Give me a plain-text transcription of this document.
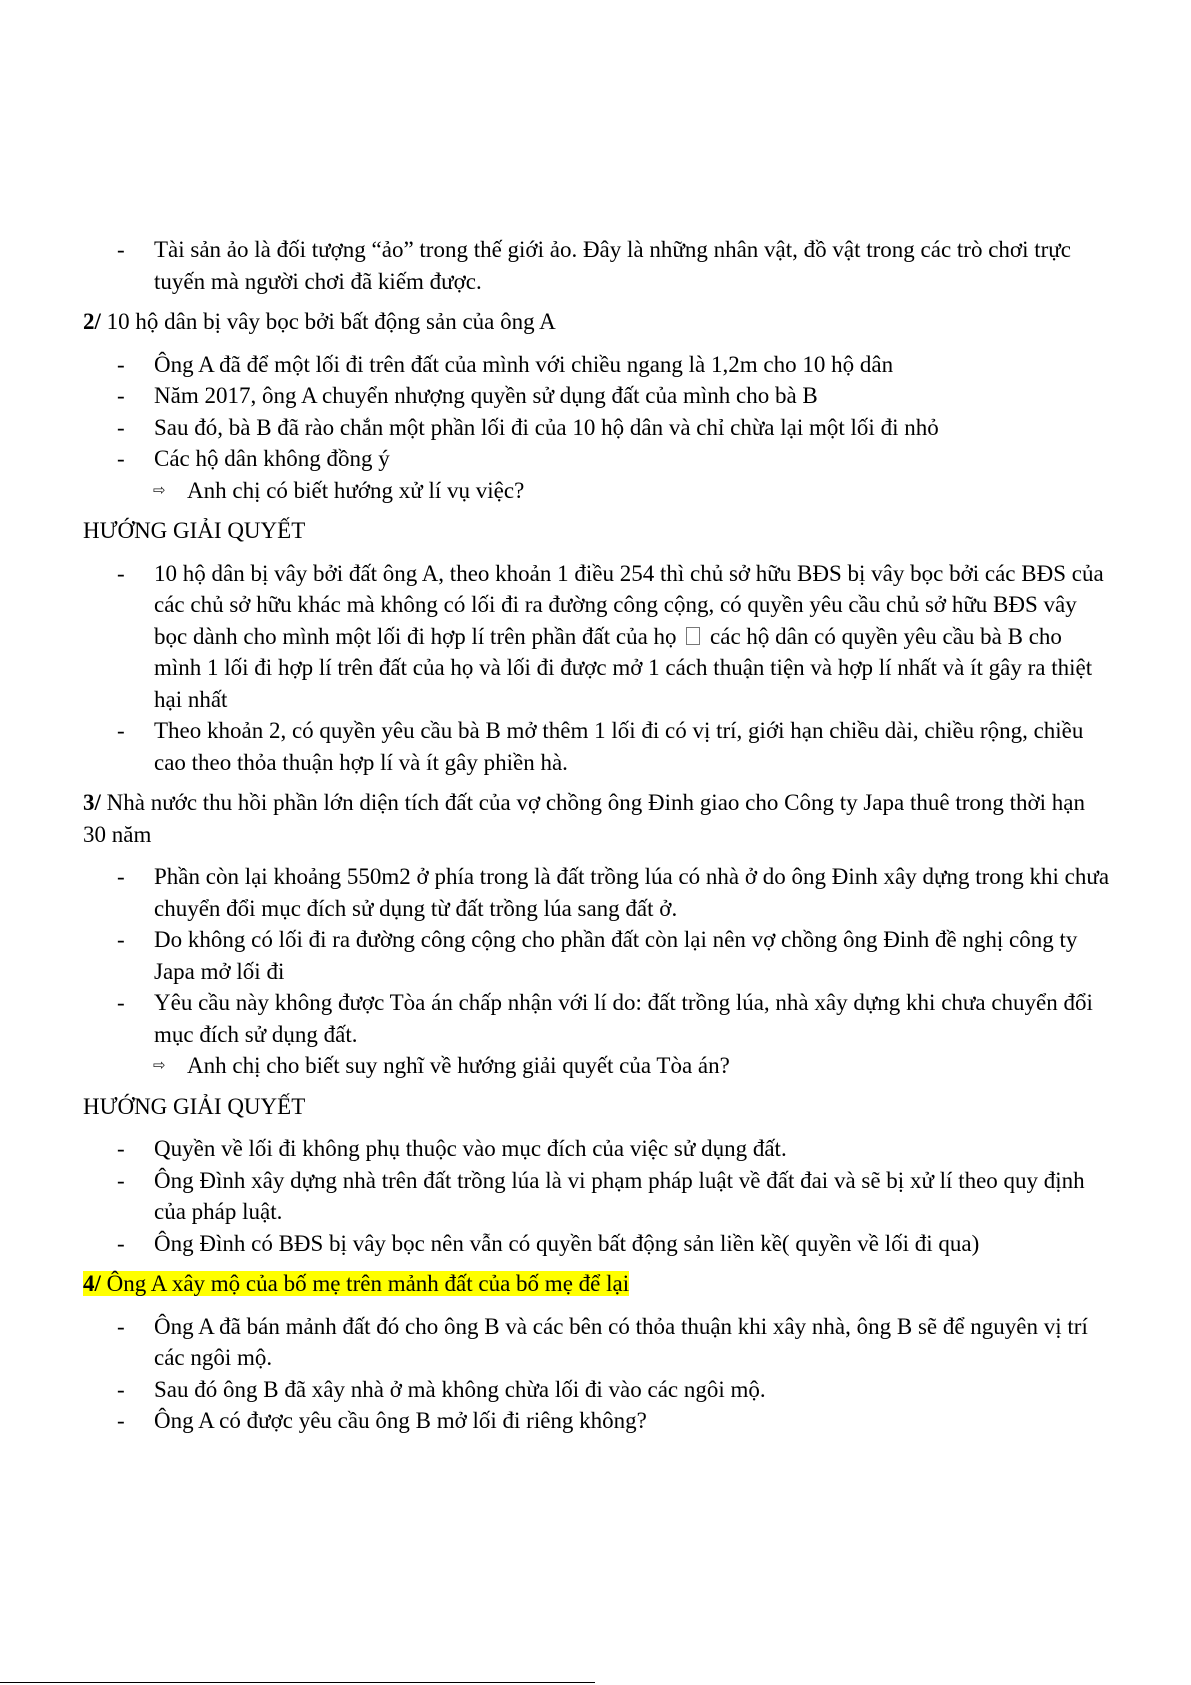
- Tài sản ảo là đối tượng “ảo” trong thế giới ảo. Đây là những nhân vật, đồ vật trong các trò chơi trực tuyến mà người chơi đã kiếm được.
2/ 10 hộ dân bị vây bọc bởi bất động sản của ông A
- Ông A đã để một lối đi trên đất của mình với chiều ngang là 1,2m cho 10 hộ dân
- Năm 2017, ông A chuyển nhượng quyền sử dụng đất của mình cho bà B
- Sau đó, bà B đã rào chắn một phần lối đi của 10 hộ dân và chỉ chừa lại một lối đi nhỏ
- Các hộ dân không đồng ý
⇨ Anh chị có biết hướng xử lí vụ việc?
HƯỚNG GIẢI QUYẾT
- 10 hộ dân bị vây bởi đất ông A, theo khoản 1 điều 254 thì chủ sở hữu BĐS bị vây bọc bởi các BĐS của các chủ sở hữu khác mà không có lối đi ra đường công cộng, có quyền yêu cầu chủ sở hữu BĐS vây bọc dành cho mình một lối đi hợp lí trên phần đất của họ các hộ dân có quyền yêu cầu bà B cho mình 1 lối đi hợp lí trên đất của họ và lối đi được mở 1 cách thuận tiện và hợp lí nhất và ít gây ra thiệt hại nhất
- Theo khoản 2, có quyền yêu cầu bà B mở thêm 1 lối đi có vị trí, giới hạn chiều dài, chiều rộng, chiều cao theo thỏa thuận hợp lí và ít gây phiền hà.
3/ Nhà nước thu hồi phần lớn diện tích đất của vợ chồng ông Đinh giao cho Công ty Japa thuê trong thời hạn 30 năm
- Phần còn lại khoảng 550m2 ở phía trong là đất trồng lúa có nhà ở do ông Đinh xây dựng trong khi chưa chuyển đổi mục đích sử dụng từ đất trồng lúa sang đất ở.
- Do không có lối đi ra đường công cộng cho phần đất còn lại nên vợ chồng ông Đinh đề nghị công ty Japa mở lối đi
- Yêu cầu này không được Tòa án chấp nhận với lí do: đất trồng lúa, nhà xây dựng khi chưa chuyển đổi mục đích sử dụng đất.
⇨ Anh chị cho biết suy nghĩ về hướng giải quyết của Tòa án?
HƯỚNG GIẢI QUYẾT
- Quyền về lối đi không phụ thuộc vào mục đích của việc sử dụng đất.
- Ông Đình xây dựng nhà trên đất trồng lúa là vi phạm pháp luật về đất đai và sẽ bị xử lí theo quy định của pháp luật.
- Ông Đình có BĐS bị vây bọc nên vẫn có quyền bất động sản liền kề( quyền về lối đi qua)
4/ Ông A xây mộ của bố mẹ trên mảnh đất của bố mẹ để lại
- Ông A đã bán mảnh đất đó cho ông B và các bên có thỏa thuận khi xây nhà, ông B sẽ để nguyên vị trí các ngôi mộ.
- Sau đó ông B đã xây nhà ở mà không chừa lối đi vào các ngôi mộ.
- Ông A có được yêu cầu ông B mở lối đi riêng không?
